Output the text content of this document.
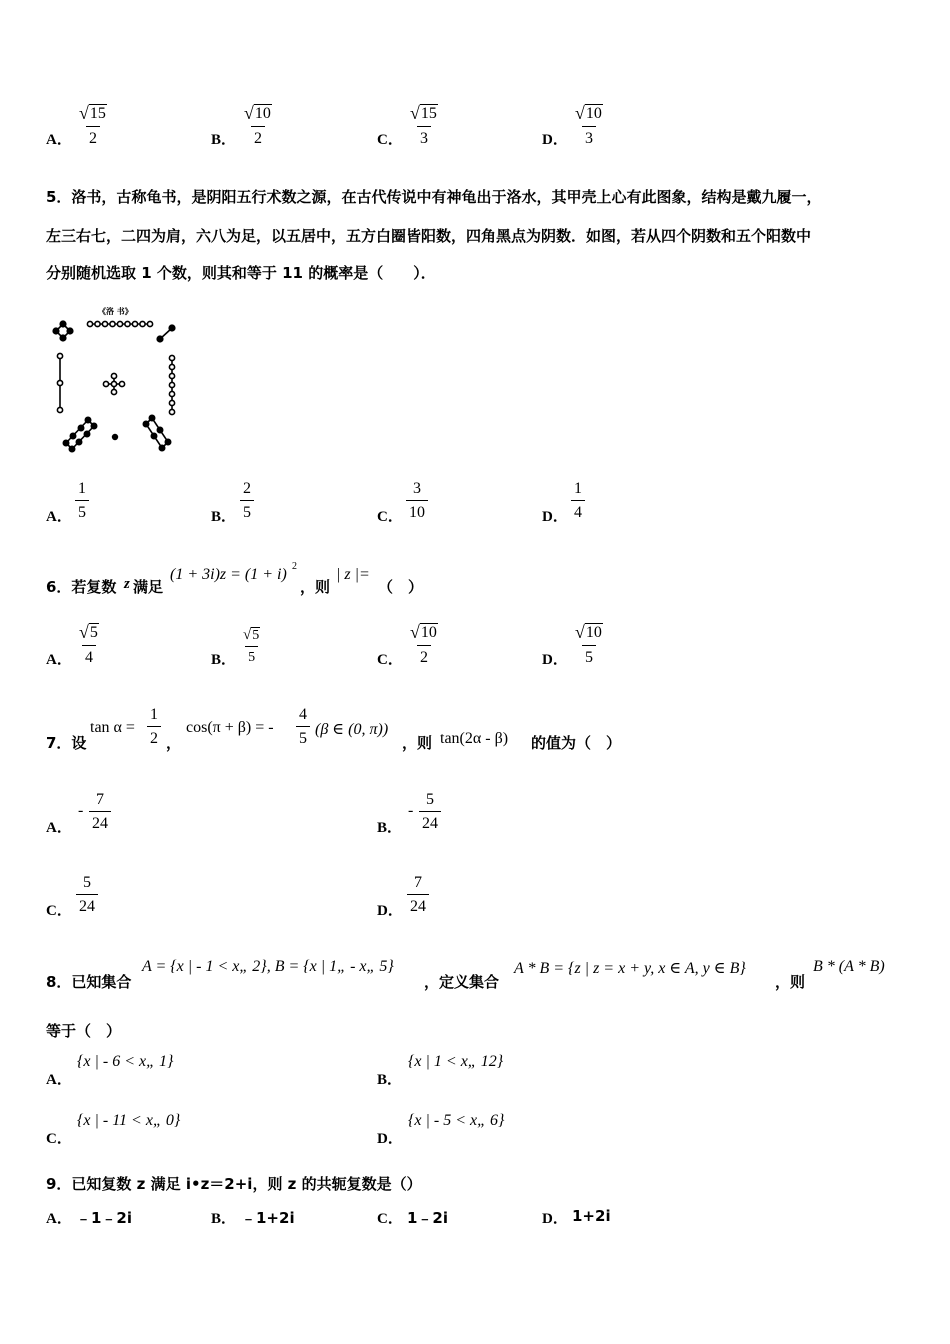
A． $\frac{√ 15}{2}$	B． $\frac{√ 10}{2}$	C． $\frac{√ 15}{3}$	D． $\frac{√ 10}{3}$
5．洛书，古称龟书，是阴阳五行术数之源，在古代传说中有神龟出于洛水，其甲壳上心有此图象，结构是戴九履一，
左三右七，二四为肩，六八为足，以五居中，五方白圈皆阳数，四角黑点为阴数．如图，若从四个阴数和五个阳数中
分别随机选取 1 个数，则其和等于 11 的概率是（　　）．
《洛 书》
A． $\frac{1}{5}$	B． $\frac{2}{5}$	C． $\frac{3}{10}$	D． $\frac{1}{4}$
6．若复数 z 满足
(1 + 3i)z = (1 + i) 2
，则
| z |=
（　）
A． $\frac{√ 5}{4}$	B． $\frac{√ 5}{5}$	C． $\frac{√ 10}{2}$	D． $\frac{√ 10}{5}$
7．设
$\tan \alpha = \frac{1}{2}$ ，
cos(π + β) = - $\frac{4}{5} (\beta$ ∈ (0, π))
，则 tan(2α - β) 的值为（　）
A．
- $\frac{7}{24}$	B．
- $\frac{5}{24}$
C． $\frac{5}{24}$	D． $\frac{7}{24}$
8．已知集合
A = {x | - 1 < x„ 2}, B = {x | 1„ - x„ 5}
，定义集合
A * B = {z | z = x + y, x ∈ A, y ∈ B}
，则
B * (A * B)
等于（　）
A．
{x | - 6 < x„ 1}
B．
{x | 1 < x„ 12}
C．
{x | - 11 < x„ 0}
D．
{x | - 5 < x„ 6}
9．已知复数 z 满足 i•z＝2+i，则 z 的共轭复数是（）
A． ﹣1﹣2i	B． ﹣1+2i	C． 1﹣2i	D． 1+2i
